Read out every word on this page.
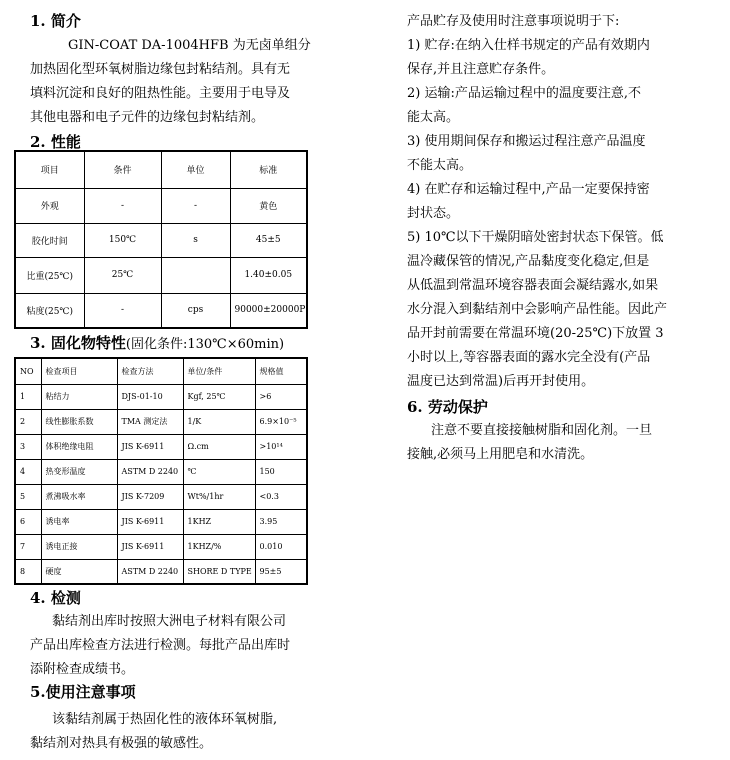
1. 简介
GIN-COAT DA-1004HFB 为无卤单组分
加热固化型环氧树脂边缘包封粘结剂。具有无
填料沉淀和良好的阻热性能。主要用于电导及
其他电器和电子元件的边缘包封粘结剂。
2. 性能
项目	条件	单位	标准
外观	-	-	黄色
胶化时间	150℃	s	45±5
比重(25℃)	25℃		1.40±0.05
粘度(25℃)	-	cps	90000±20000P
3. 固化物特性(固化条件:130℃×60min)
NO	检查项目	检查方法	单位/条件	规格值
1	粘结力	DJS-01-10	Kgf, 25℃	>6
2	线性膨胀系数	TMA 测定法	1/K	6.9×10⁻⁵
3	体积绝缘电阻	JIS K-6911	Ω.cm	>10¹⁴
4	热变形温度	ASTM D 2240	℃	150
5	煮沸吸水率	JIS K-7209	Wt%/1hr	<0.3
6	诱电率	JIS K-6911	1KHZ	3.95
7	诱电正接	JIS K-6911	1KHZ/%	0.010
8	硬度	ASTM D 2240	SHORE D TYPE	95±5
4. 检测
黏结剂出库时按照大洲电子材料有限公司
产品出库检查方法进行检测。每批产品出库时
添附检查成绩书。
5.使用注意事项
该黏结剂属于热固化性的液体环氧树脂,
黏结剂对热具有极强的敏感性。
产品贮存及使用时注意事项说明于下:
1) 贮存:在纳入仕样书规定的产品有效期内
保存,并且注意贮存条件。
2) 运输:产品运输过程中的温度要注意,不
能太高。
3) 使用期间保存和搬运过程注意产品温度
不能太高。
4) 在贮存和运输过程中,产品一定要保持密
封状态。
5) 10℃以下干燥阴暗处密封状态下保管。低
温冷藏保管的情况,产品黏度变化稳定,但是
从低温到常温环境容器表面会凝结露水,如果
水分混入到黏结剂中会影响产品性能。因此产
品开封前需要在常温环境(20-25℃)下放置 3
小时以上,等容器表面的露水完全没有(产品
温度已达到常温)后再开封使用。
6. 劳动保护
注意不要直接接触树脂和固化剂。一旦
接触,必须马上用肥皂和水清洗。
